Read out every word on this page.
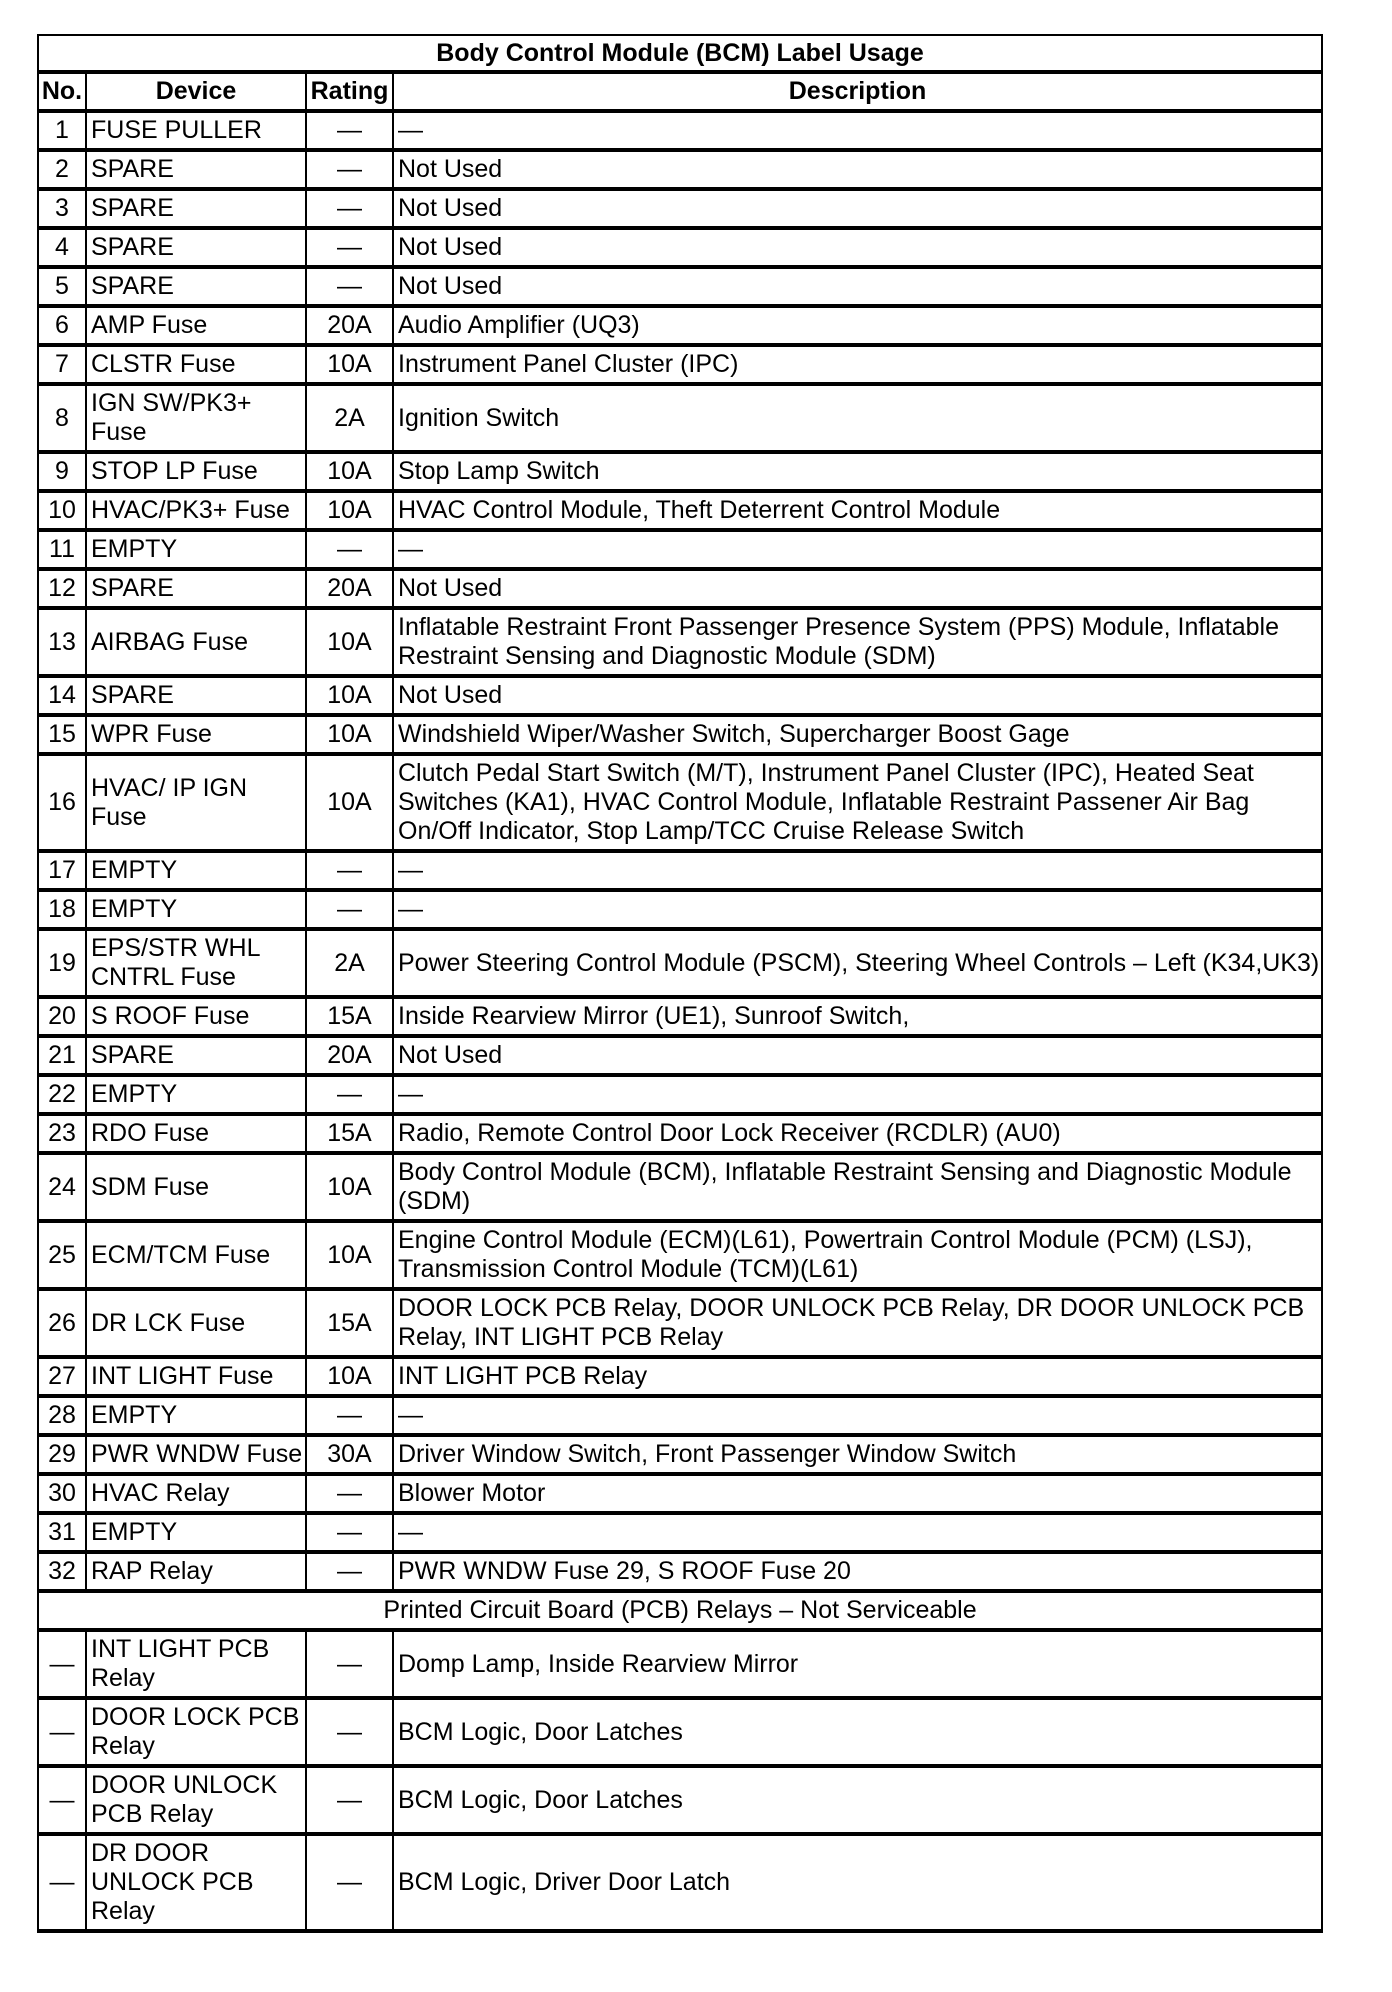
Body Control Module (BCM) Label Usage			
No.	Device	Rating	Description
1	FUSE PULLER	—	—
2	SPARE	—	Not Used
3	SPARE	—	Not Used
4	SPARE	—	Not Used
5	SPARE	—	Not Used
6	AMP Fuse	20A	Audio Amplifier (UQ3)
7	CLSTR Fuse	10A	Instrument Panel Cluster (IPC)
8	IGN SW/PK3+ Fuse	2A	Ignition Switch
9	STOP LP Fuse	10A	Stop Lamp Switch
10	HVAC/PK3+ Fuse	10A	HVAC Control Module, Theft Deterrent Control Module
11	EMPTY	—	—
12	SPARE	20A	Not Used
13	AIRBAG Fuse	10A	Inflatable Restraint Front Passenger Presence System (PPS) Module, Inflatable Restraint Sensing and Diagnostic Module (SDM)
14	SPARE	10A	Not Used
15	WPR Fuse	10A	Windshield Wiper/Washer Switch, Supercharger Boost Gage
16	HVAC/ IP IGN Fuse	10A	Clutch Pedal Start Switch (M/T), Instrument Panel Cluster (IPC), Heated Seat Switches (KA1), HVAC Control Module, Inflatable Restraint Passener Air Bag On/Off Indicator, Stop Lamp/TCC Cruise Release Switch
17	EMPTY	—	—
18	EMPTY	—	—
19	EPS/STR WHL CNTRL Fuse	2A	Power Steering Control Module (PSCM), Steering Wheel Controls – Left (K34,UK3)
20	S ROOF Fuse	15A	Inside Rearview Mirror (UE1), Sunroof Switch,
21	SPARE	20A	Not Used
22	EMPTY	—	—
23	RDO Fuse	15A	Radio, Remote Control Door Lock Receiver (RCDLR) (AU0)
24	SDM Fuse	10A	Body Control Module (BCM), Inflatable Restraint Sensing and Diagnostic Module (SDM)
25	ECM/TCM Fuse	10A	Engine Control Module (ECM)(L61), Powertrain Control Module (PCM) (LSJ), Transmission Control Module (TCM)(L61)
26	DR LCK Fuse	15A	DOOR LOCK PCB Relay, DOOR UNLOCK PCB Relay, DR DOOR UNLOCK PCB Relay, INT LIGHT PCB Relay
27	INT LIGHT Fuse	10A	INT LIGHT PCB Relay
28	EMPTY	—	—
29	PWR WNDW Fuse	30A	Driver Window Switch, Front Passenger Window Switch
30	HVAC Relay	—	Blower Motor
31	EMPTY	—	—
32	RAP Relay	—	PWR WNDW Fuse 29, S ROOF Fuse 20
Printed Circuit Board (PCB) Relays – Not Serviceable			
—	INT LIGHT PCB Relay	—	Domp Lamp, Inside Rearview Mirror
—	DOOR LOCK PCB Relay	—	BCM Logic, Door Latches
—	DOOR UNLOCK PCB Relay	—	BCM Logic, Door Latches
—	DR DOOR UNLOCK PCB Relay	—	BCM Logic, Driver Door Latch
